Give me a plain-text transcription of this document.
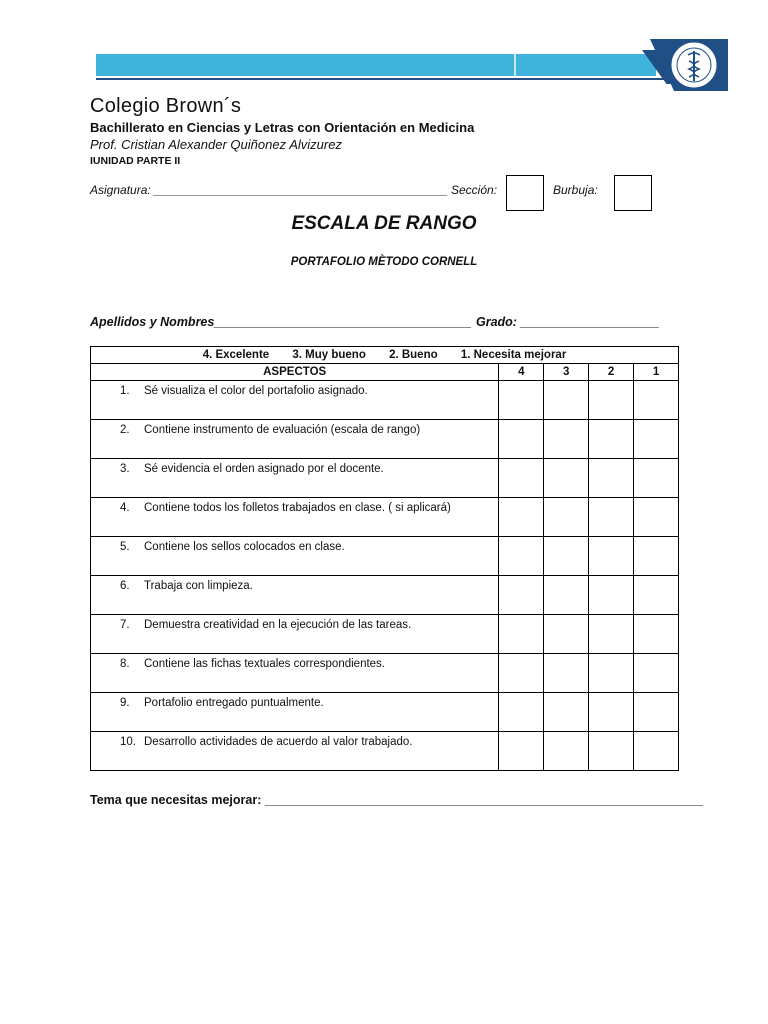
Colegio Brown´s
Bachillerato en Ciencias y Letras con Orientación en Medicina
Prof. Cristian Alexander Quiñonez Alvizurez
IUNIDAD PARTE II
Asignatura: ____________________________________________ Sección:	Burbuja:
ESCALA DE RANGO
PORTAFOLIO MÈTODO CORNELL
Apellidos y Nombres_____________________________________ Grado: ____________________
4. Excelente 3. Muy bueno 2. Bueno 1. Necesita mejorar				
ASPECTOS	4	3	2	1
1. Sé visualiza el color del portafolio asignado.				
2. Contiene instrumento de evaluación (escala de rango)				
3. Sé evidencia el orden asignado por el docente.				
4. Contiene todos los folletos trabajados en clase. ( si aplicará)				
5. Contiene los sellos colocados en clase.				
6. Trabaja con limpieza.				
7. Demuestra creatividad en la ejecución de las tareas.				
8. Contiene las fichas textuales correspondientes.				
9. Portafolio entregado puntualmente.				
10. Desarrollo actividades de acuerdo al valor trabajado.				
Tema que necesitas mejorar: _______________________________________________________________
